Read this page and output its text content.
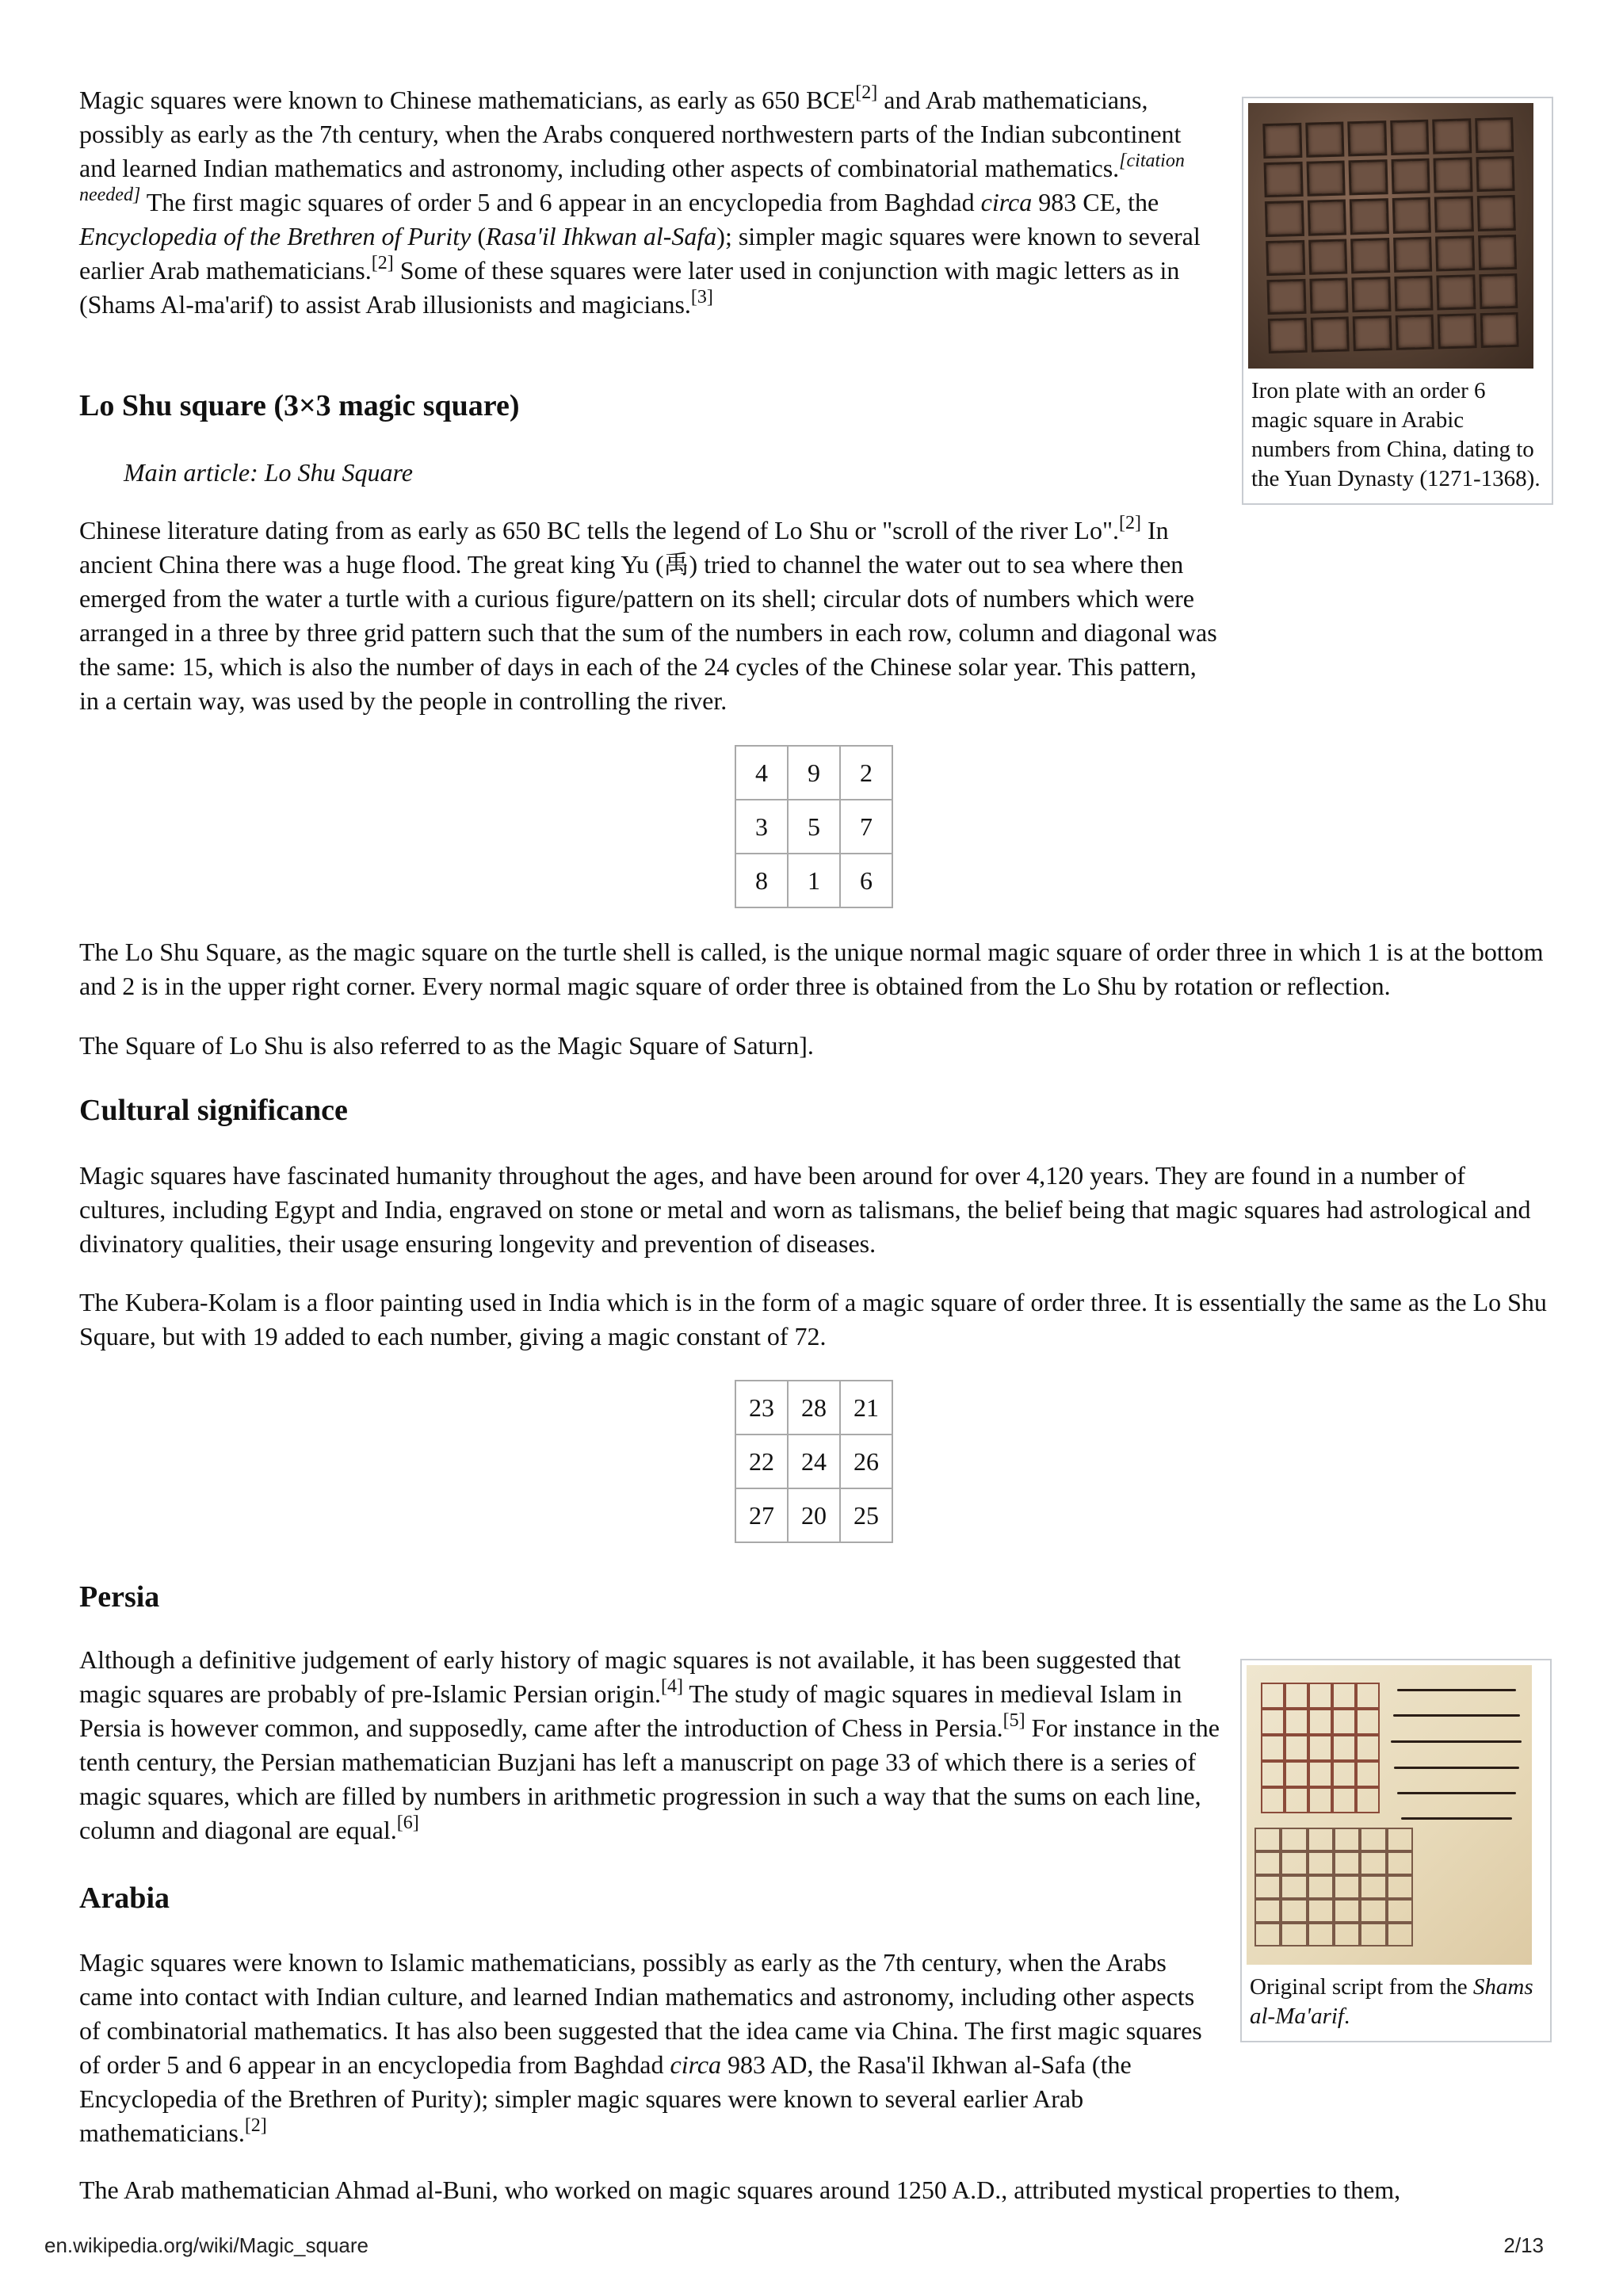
Iron plate with an order 6 magic square in Arabic numbers from China, dating to the Yuan Dynasty (1271-1368).
Original script from the Shams al-Ma'arif.

Magic squares were known to Chinese mathematicians, as early as 650 BCE[2] and Arab mathematicians, possibly as early as the 7th century, when the Arabs conquered northwestern parts of the Indian subcontinent and learned Indian mathematics and astronomy, including other aspects of combinatorial mathematics.[citation needed] The first magic squares of order 5 and 6 appear in an encyclopedia from Baghdad circa 983 CE, the Encyclopedia of the Brethren of Purity (Rasa'il Ihkwan al-Safa); simpler magic squares were known to several earlier Arab mathematicians.[2] Some of these squares were later used in conjunction with magic letters as in (Shams Al-ma'arif) to assist Arab illusionists and magicians.[3]

Lo Shu square (3×3 magic square)

Main article: Lo Shu Square

Chinese literature dating from as early as 650 BC tells the legend of Lo Shu or "scroll of the river Lo".[2] In ancient China there was a huge flood. The great king Yu (禹) tried to channel the water out to sea where then emerged from the water a turtle with a curious figure/pattern on its shell; circular dots of numbers which were arranged in a three by three grid pattern such that the sum of the numbers in each row, column and diagonal was the same: 15, which is also the number of days in each of the 24 cycles of the Chinese solar year. This pattern, in a certain way, was used by the people in controlling the river.

4	9	2
3	5	7
8	1	6

The Lo Shu Square, as the magic square on the turtle shell is called, is the unique normal magic square of order three in which 1 is at the bottom and 2 is in the upper right corner. Every normal magic square of order three is obtained from the Lo Shu by rotation or reflection.

The Square of Lo Shu is also referred to as the Magic Square of Saturn].

Cultural significance

Magic squares have fascinated humanity throughout the ages, and have been around for over 4,120 years. They are found in a number of cultures, including Egypt and India, engraved on stone or metal and worn as talismans, the belief being that magic squares had astrological and divinatory qualities, their usage ensuring longevity and prevention of diseases.

The Kubera-Kolam is a floor painting used in India which is in the form of a magic square of order three. It is essentially the same as the Lo Shu Square, but with 19 added to each number, giving a magic constant of 72.

23	28	21
22	24	26
27	20	25
Persia

Although a definitive judgement of early history of magic squares is not available, it has been suggested that magic squares are probably of pre-Islamic Persian origin.[4] The study of magic squares in medieval Islam in Persia is however common, and supposedly, came after the introduction of Chess in Persia.[5] For instance in the tenth century, the Persian mathematician Buzjani has left a manuscript on page 33 of which there is a series of magic squares, which are filled by numbers in arithmetic progression in such a way that the sums on each line, column and diagonal are equal.[6]

Arabia

Magic squares were known to Islamic mathematicians, possibly as early as the 7th century, when the Arabs came into contact with Indian culture, and learned Indian mathematics and astronomy, including other aspects of combinatorial mathematics. It has also been suggested that the idea came via China. The first magic squares of order 5 and 6 appear in an encyclopedia from Baghdad circa 983 AD, the Rasa'il Ikhwan al-Safa (the Encyclopedia of the Brethren of Purity); simpler magic squares were known to several earlier Arab mathematicians.[2]

The Arab mathematician Ahmad al-Buni, who worked on magic squares around 1250 A.D., attributed mystical properties to them,

en.wikipedia.org/wiki/Magic_square	2/13
